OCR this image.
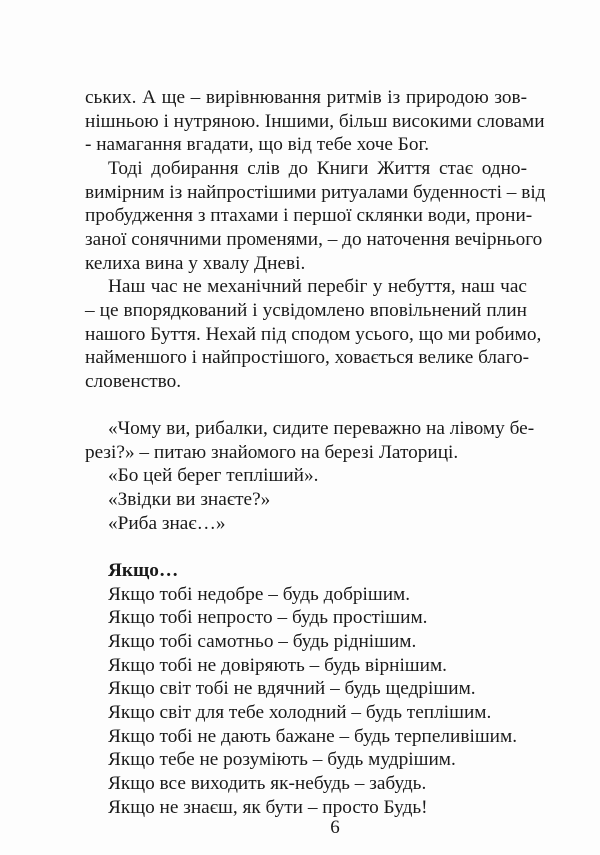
ських. А ще – вирівнювання ритмів із природою зов-
нішньою і нутряною. Іншими, більш високими словами
- намагання вгадати, що від тебе хоче Бог.
Тоді добирання слів до Книги Життя стає одно-
вимірним із найпростішими ритуалами буденності – від
пробудження з птахами і першої склянки води, прони-
заної сонячними променями, – до наточення вечірнього
келиха вина у хвалу Дневі.
Наш час не механічний перебіг у небуття, наш час
– це впорядкований і усвідомлено вповільнений плин
нашого Буття. Нехай під сподом усього, що ми робимо,
найменшого і найпростішого, ховається велике благо-
словенство.
«Чому ви, рибалки, сидите переважно на лівому бе-
резі?» – питаю знайомого на березі Латориці.
«Бо цей берег тепліший».
«Звідки ви знаєте?»
«Риба знає…»
Якщо…
Якщо тобі недобре – будь добрішим.
Якщо тобі непросто – будь простішим.
Якщо тобі самотньо – будь ріднішим.
Якщо тобі не довіряють – будь вірнішим.
Якщо світ тобі не вдячний – будь щедрішим.
Якщо світ для тебе холодний – будь теплішим.
Якщо тобі не дають бажане – будь терпеливішим.
Якщо тебе не розуміють – будь мудрішим.
Якщо все виходить як-небудь – забудь.
Якщо не знаєш, як бути – просто Будь!
6
